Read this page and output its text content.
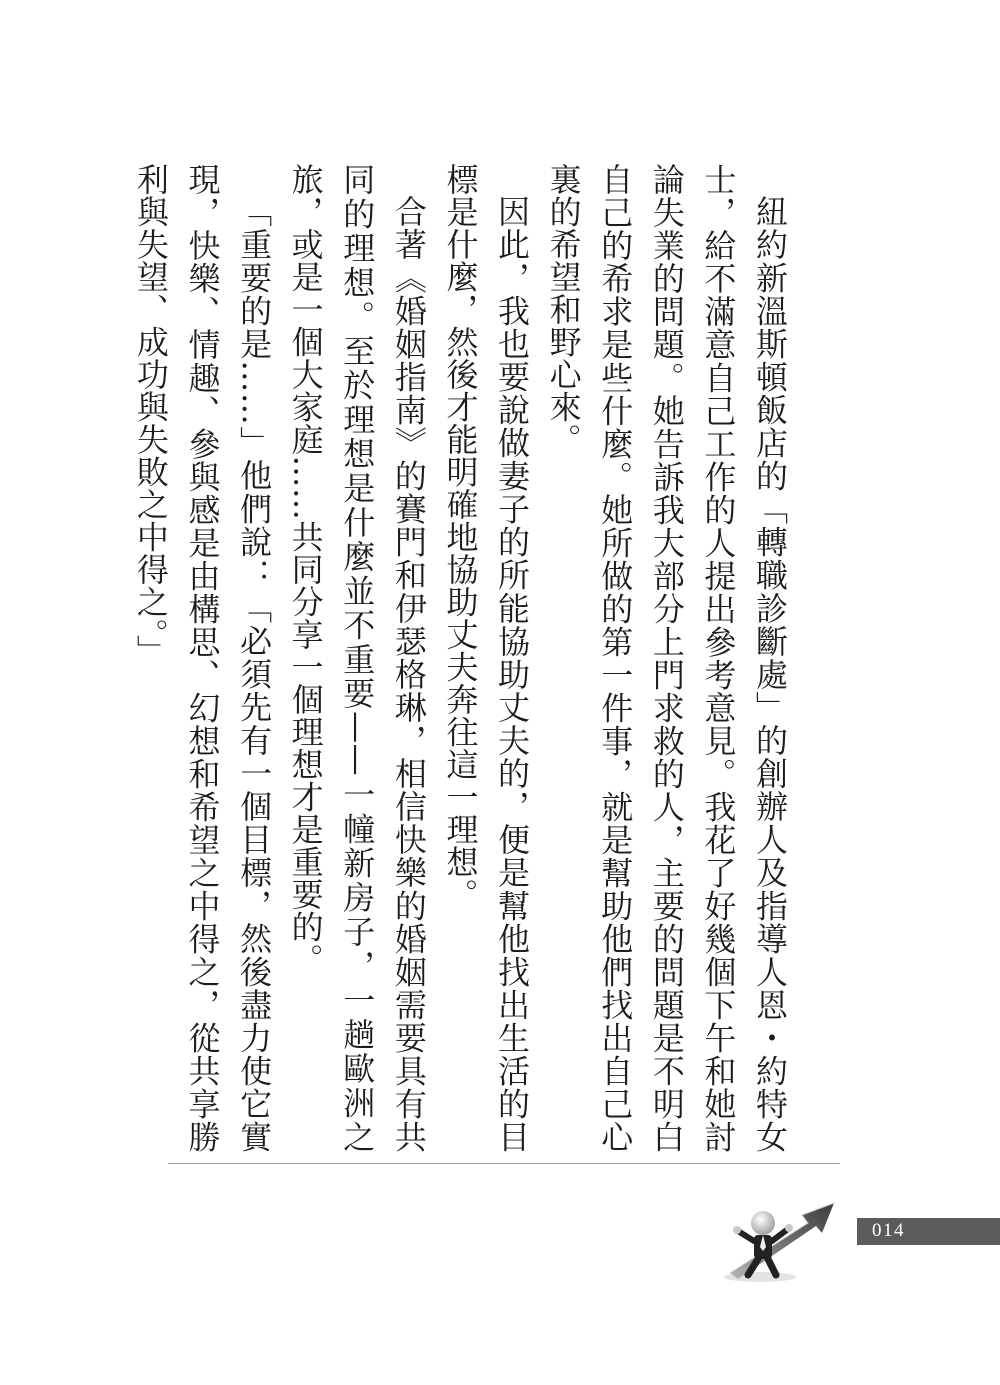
紐約新溫斯頓飯店的「轉職診斷處」的創辦人及指導人恩・約特女士，給不滿意自己工作的人提出參考意見。我花了好幾個下午和她討論失業的問題。她告訴我大部分上門求救的人，主要的問題是不明白自己的希求是些什麼。她所做的第一件事，就是幫助他們找出自己心裏的希望和野心來。

因此，我也要說做妻子的所能協助丈夫的，便是幫他找出生活的目標是什麼，然後才能明確地協助丈夫奔往這一理想。

合著《婚姻指南》的賽門和伊瑟格琳，相信快樂的婚姻需要具有共同的理想。至於理想是什麼並不重要——一幢新房子，一趟歐洲之旅，或是一個大家庭……共同分享一個理想才是重要的。

「重要的是……」他們說：「必須先有一個目標，然後盡力使它實現，快樂、情趣、參與感是由構思、幻想和希望之中得之，從共享勝利與失望、成功與失敗之中得之。」

014
